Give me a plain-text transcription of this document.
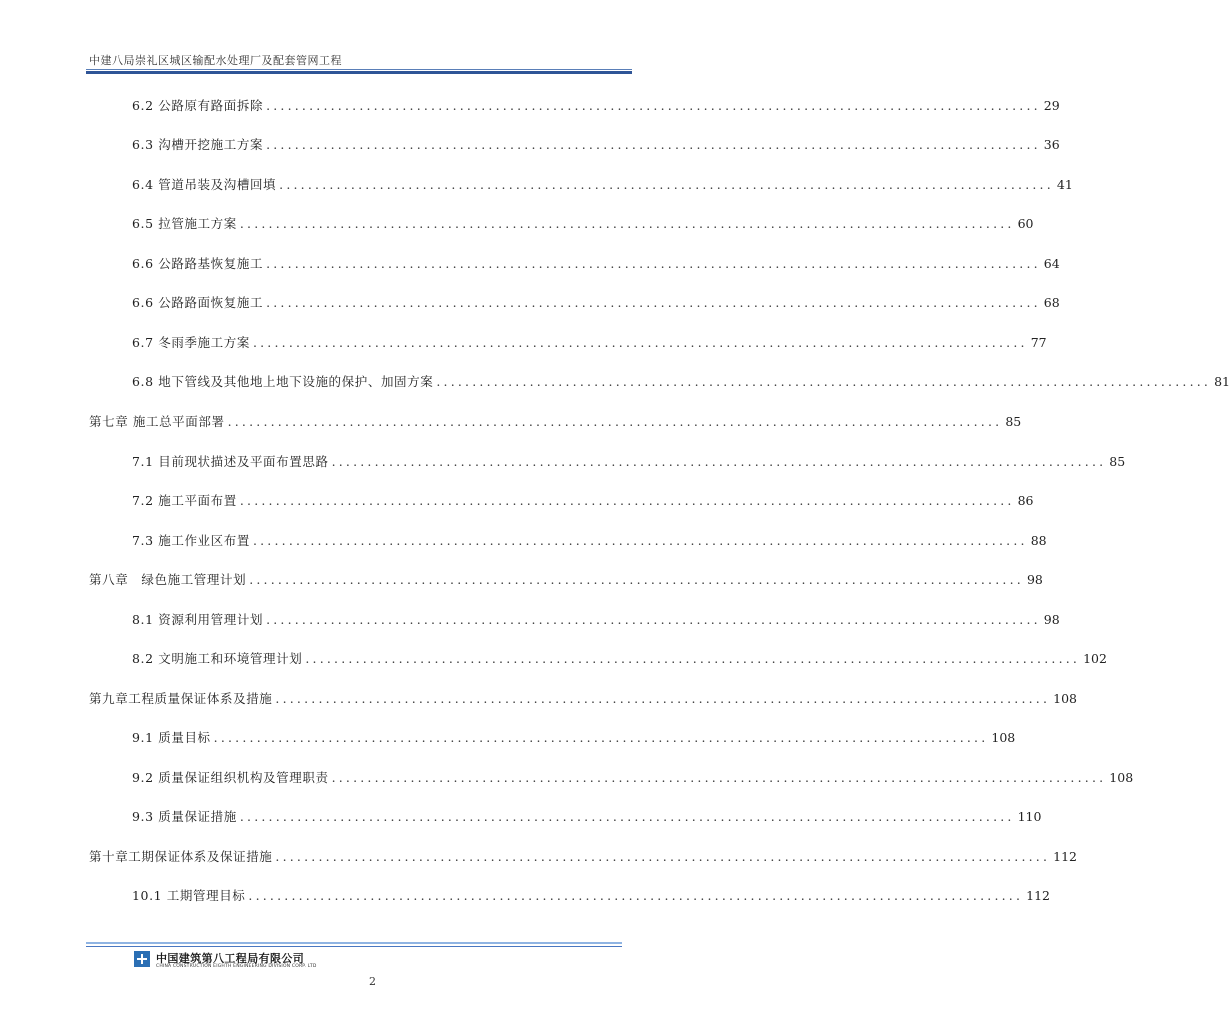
中建八局崇礼区城区输配水处理厂及配套管网工程
6.2 公路原有路面拆除 ............................................................................................................ 29
6.3 沟槽开挖施工方案 ............................................................................................................ 36
6.4 管道吊装及沟槽回填 ............................................................................................................ 41
6.5 拉管施工方案 ............................................................................................................ 60
6.6 公路路基恢复施工 ............................................................................................................ 64
6.6 公路路面恢复施工 ............................................................................................................ 68
6.7 冬雨季施工方案 ............................................................................................................ 77
6.8 地下管线及其他地上地下设施的保护、加固方案 ............................................................................................................ 81
第七章 施工总平面部署 ............................................................................................................ 85
7.1 目前现状描述及平面布置思路 ............................................................................................................ 85
7.2 施工平面布置 ............................................................................................................ 86
7.3 施工作业区布置 ............................................................................................................ 88
第八章　绿色施工管理计划 ............................................................................................................ 98
8.1 资源利用管理计划 ............................................................................................................ 98
8.2 文明施工和环境管理计划 ............................................................................................................ 102
第九章工程质量保证体系及措施 ............................................................................................................ 108
9.1 质量目标 ............................................................................................................ 108
9.2 质量保证组织机构及管理职责 ............................................................................................................ 108
9.3 质量保证措施 ............................................................................................................ 110
第十章工期保证体系及保证措施 ............................................................................................................ 112
10.1 工期管理目标 ............................................................................................................ 112
中国建筑第八工程局有限公司
CHINA CONSTRUCTION EIGHTH ENGINEERING DIVISION CORP. LTD
2
